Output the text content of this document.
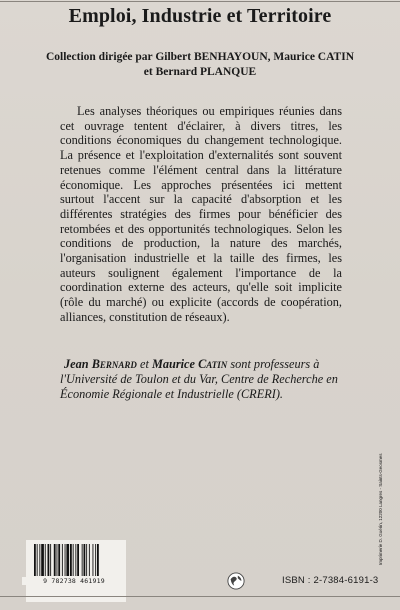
Emploi, Industrie et Territoire
Collection dirigée par Gilbert BENHAYOUN, Maurice CATIN
et Bernard PLANQUE

Les analyses théoriques ou empiriques réunies dans cet ouvrage tentent d'éclairer, à divers titres, les conditions économiques du changement technologique. La présence et l'exploitation d'externalités sont souvent retenues comme l'élément central dans la littérature économique. Les approches présentées ici mettent surtout l'accent sur la capacité d'absorption et les différentes stratégies des firmes pour bénéficier des retombées et des opportunités technologiques. Selon les conditions de production, la nature des marchés, l'organisation industrielle et la taille des firmes, les auteurs soulignent également l'importance de la coordination externe des acteurs, qu'elle soit implicite (rôle du marché) ou explicite (accords de coopération, alliances, constitution de réseaux).

Jean Bernard et Maurice Catin sont professeurs à l'Université de Toulon et du Var, Centre de Recherche en Économie Régionale et Industrielle (CRERI).

9 782738 461919	ISBN : 2-7384-6191-3
Imprimerie D. Guérin, 12200 Langres - Saints-Geosmes
